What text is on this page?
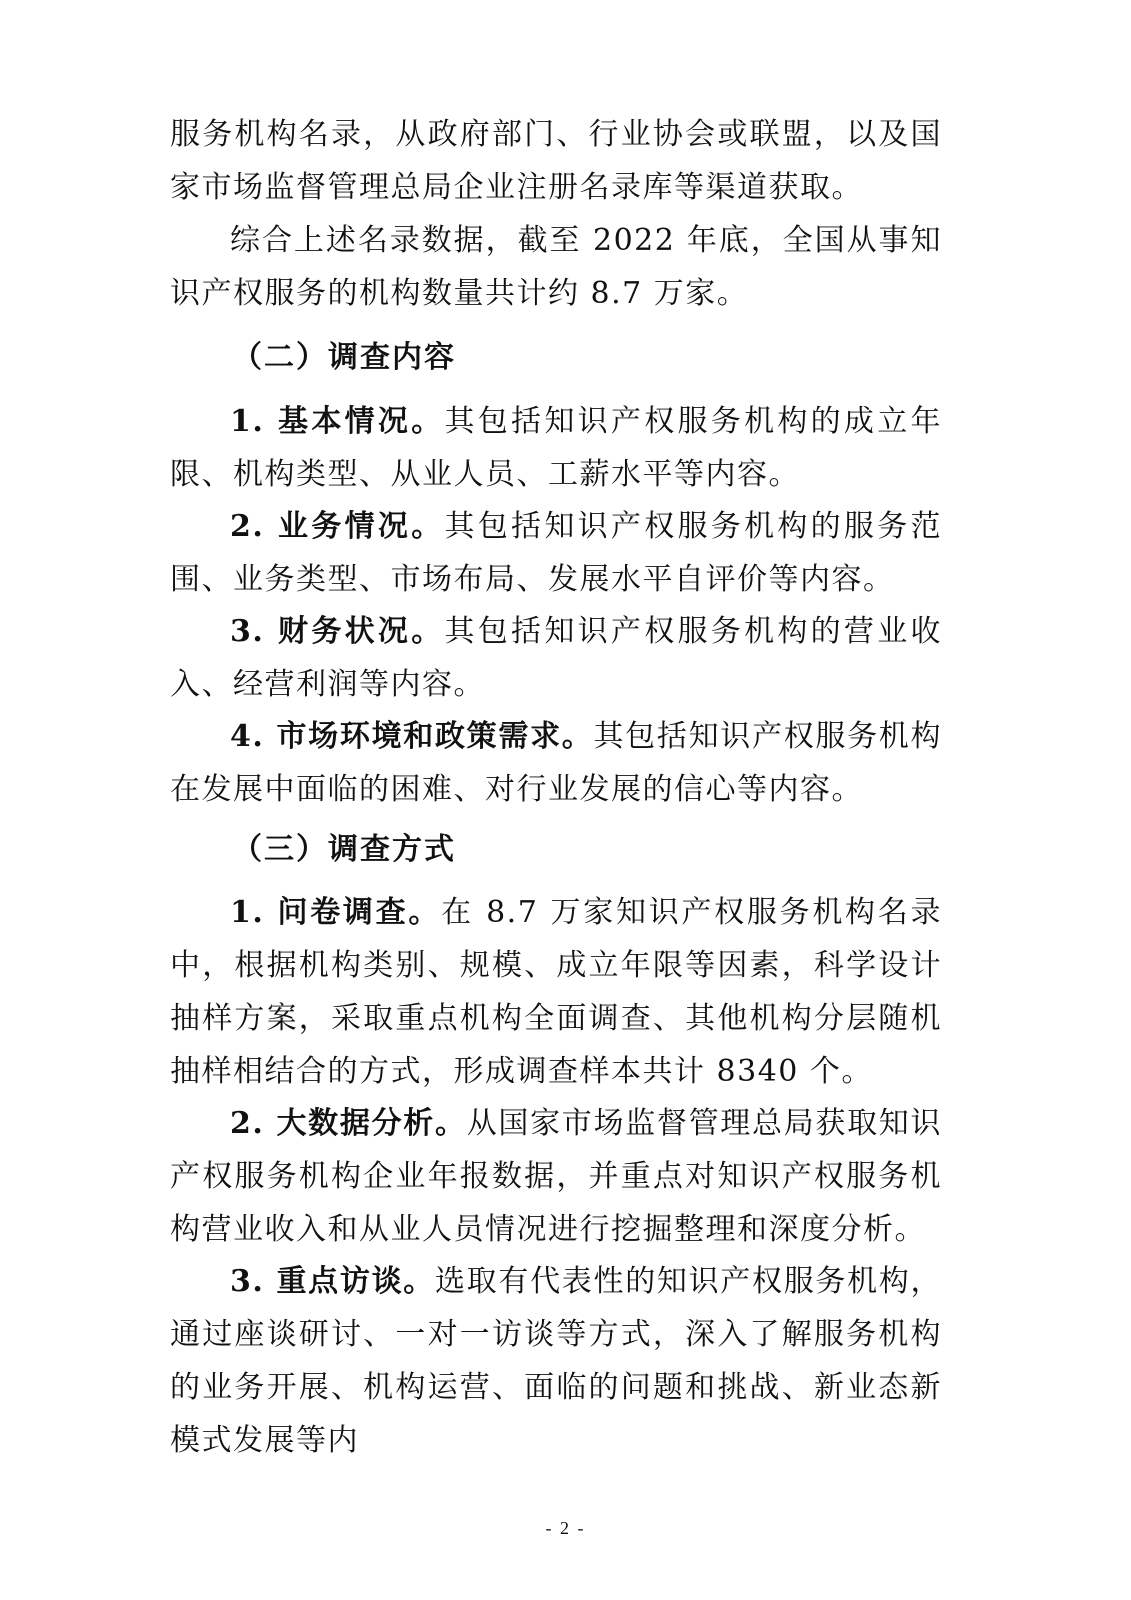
服务机构名录，从政府部门、行业协会或联盟，以及国家市场监督管理总局企业注册名录库等渠道获取。

综合上述名录数据，截至 2022 年底，全国从事知识产权服务的机构数量共计约 8.7 万家。

（二）调查内容

1. 基本情况。其包括知识产权服务机构的成立年限、机构类型、从业人员、工薪水平等内容。

2. 业务情况。其包括知识产权服务机构的服务范围、业务类型、市场布局、发展水平自评价等内容。

3. 财务状况。其包括知识产权服务机构的营业收入、经营利润等内容。

4. 市场环境和政策需求。其包括知识产权服务机构在发展中面临的困难、对行业发展的信心等内容。

（三）调查方式

1. 问卷调查。在 8.7 万家知识产权服务机构名录中，根据机构类别、规模、成立年限等因素，科学设计抽样方案，采取重点机构全面调查、其他机构分层随机抽样相结合的方式，形成调查样本共计 8340 个。

2. 大数据分析。从国家市场监督管理总局获取知识产权服务机构企业年报数据，并重点对知识产权服务机构营业收入和从业人员情况进行挖掘整理和深度分析。

3. 重点访谈。选取有代表性的知识产权服务机构，通过座谈研讨、一对一访谈等方式，深入了解服务机构的业务开展、机构运营、面临的问题和挑战、新业态新模式发展等内

- 2 -
